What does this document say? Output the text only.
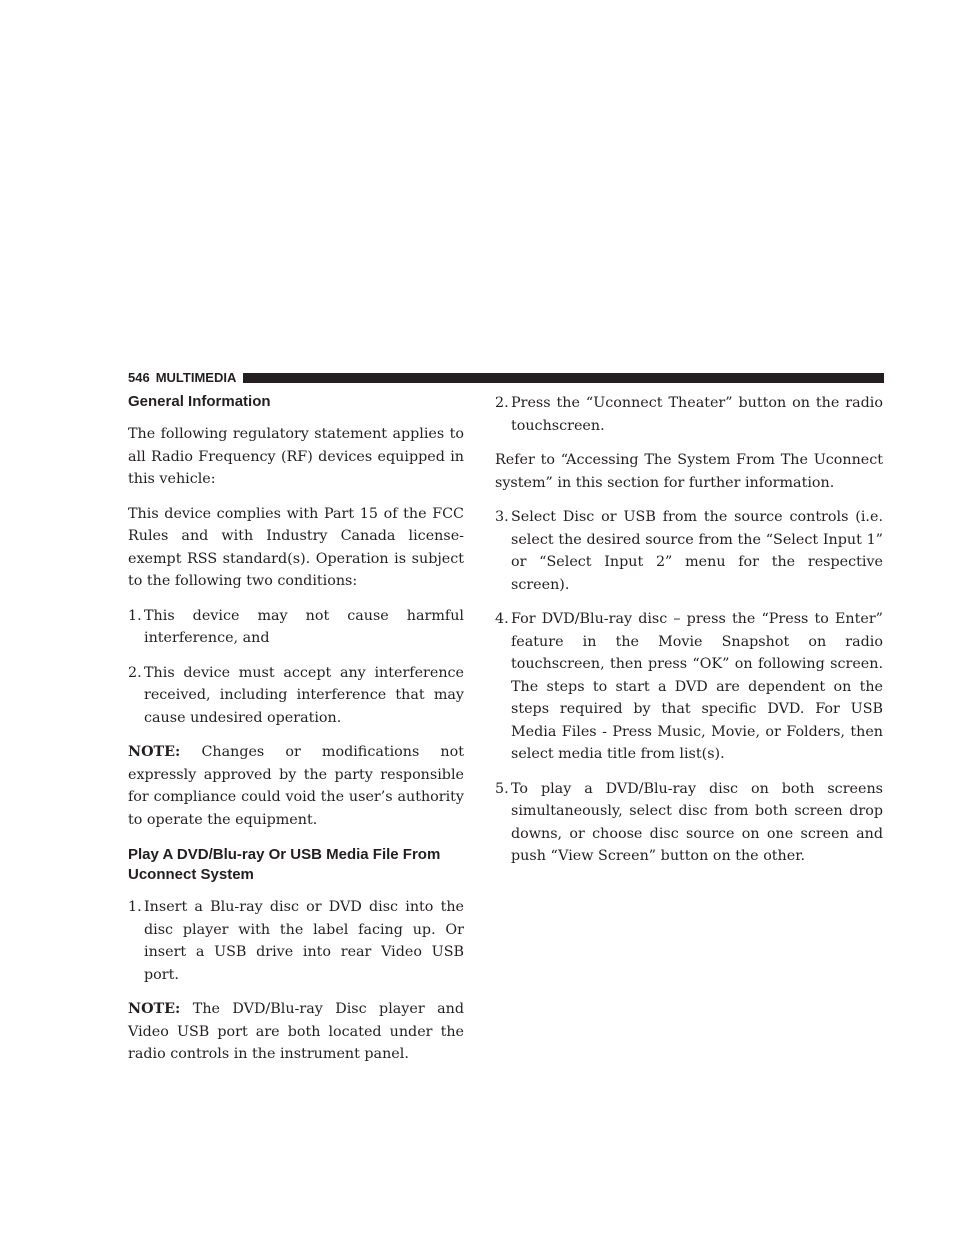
546 MULTIMEDIA
General Information

The following regulatory statement applies to all Radio Frequency (RF) devices equipped in this vehicle:

This device complies with Part 15 of the FCC Rules and with Industry Canada license-exempt RSS standard(s). Operation is subject to the following two conditions:

1. This device may not cause harmful interference, and
2. This device must accept any interference received, including interference that may cause undesired operation.

NOTE: Changes or modifications not expressly approved by the party responsible for compliance could void the user’s authority to operate the equipment.

Play A DVD/Blu-ray Or USB Media File From Uconnect System
1. Insert a Blu-ray disc or DVD disc into the disc player with the label facing up. Or insert a USB drive into rear Video USB port.

NOTE: The DVD/Blu-ray Disc player and Video USB port are both located under the radio controls in the instrument panel.

2. Press the “Uconnect Theater” button on the radio touchscreen.

Refer to “Accessing The System From The Uconnect system” in this section for further information.

3. Select Disc or USB from the source controls (i.e. select the desired source from the “Select Input 1” or “Select Input 2” menu for the respective screen).
4. For DVD/Blu-ray disc – press the “Press to Enter” feature in the Movie Snapshot on radio touchscreen, then press “OK” on following screen. The steps to start a DVD are dependent on the steps required by that specific DVD. For USB Media Files - Press Music, Movie, or Folders, then select media title from list(s).
5. To play a DVD/Blu-ray disc on both screens simultaneously, select disc from both screen drop downs, or choose disc source on one screen and push “View Screen” button on the other.
